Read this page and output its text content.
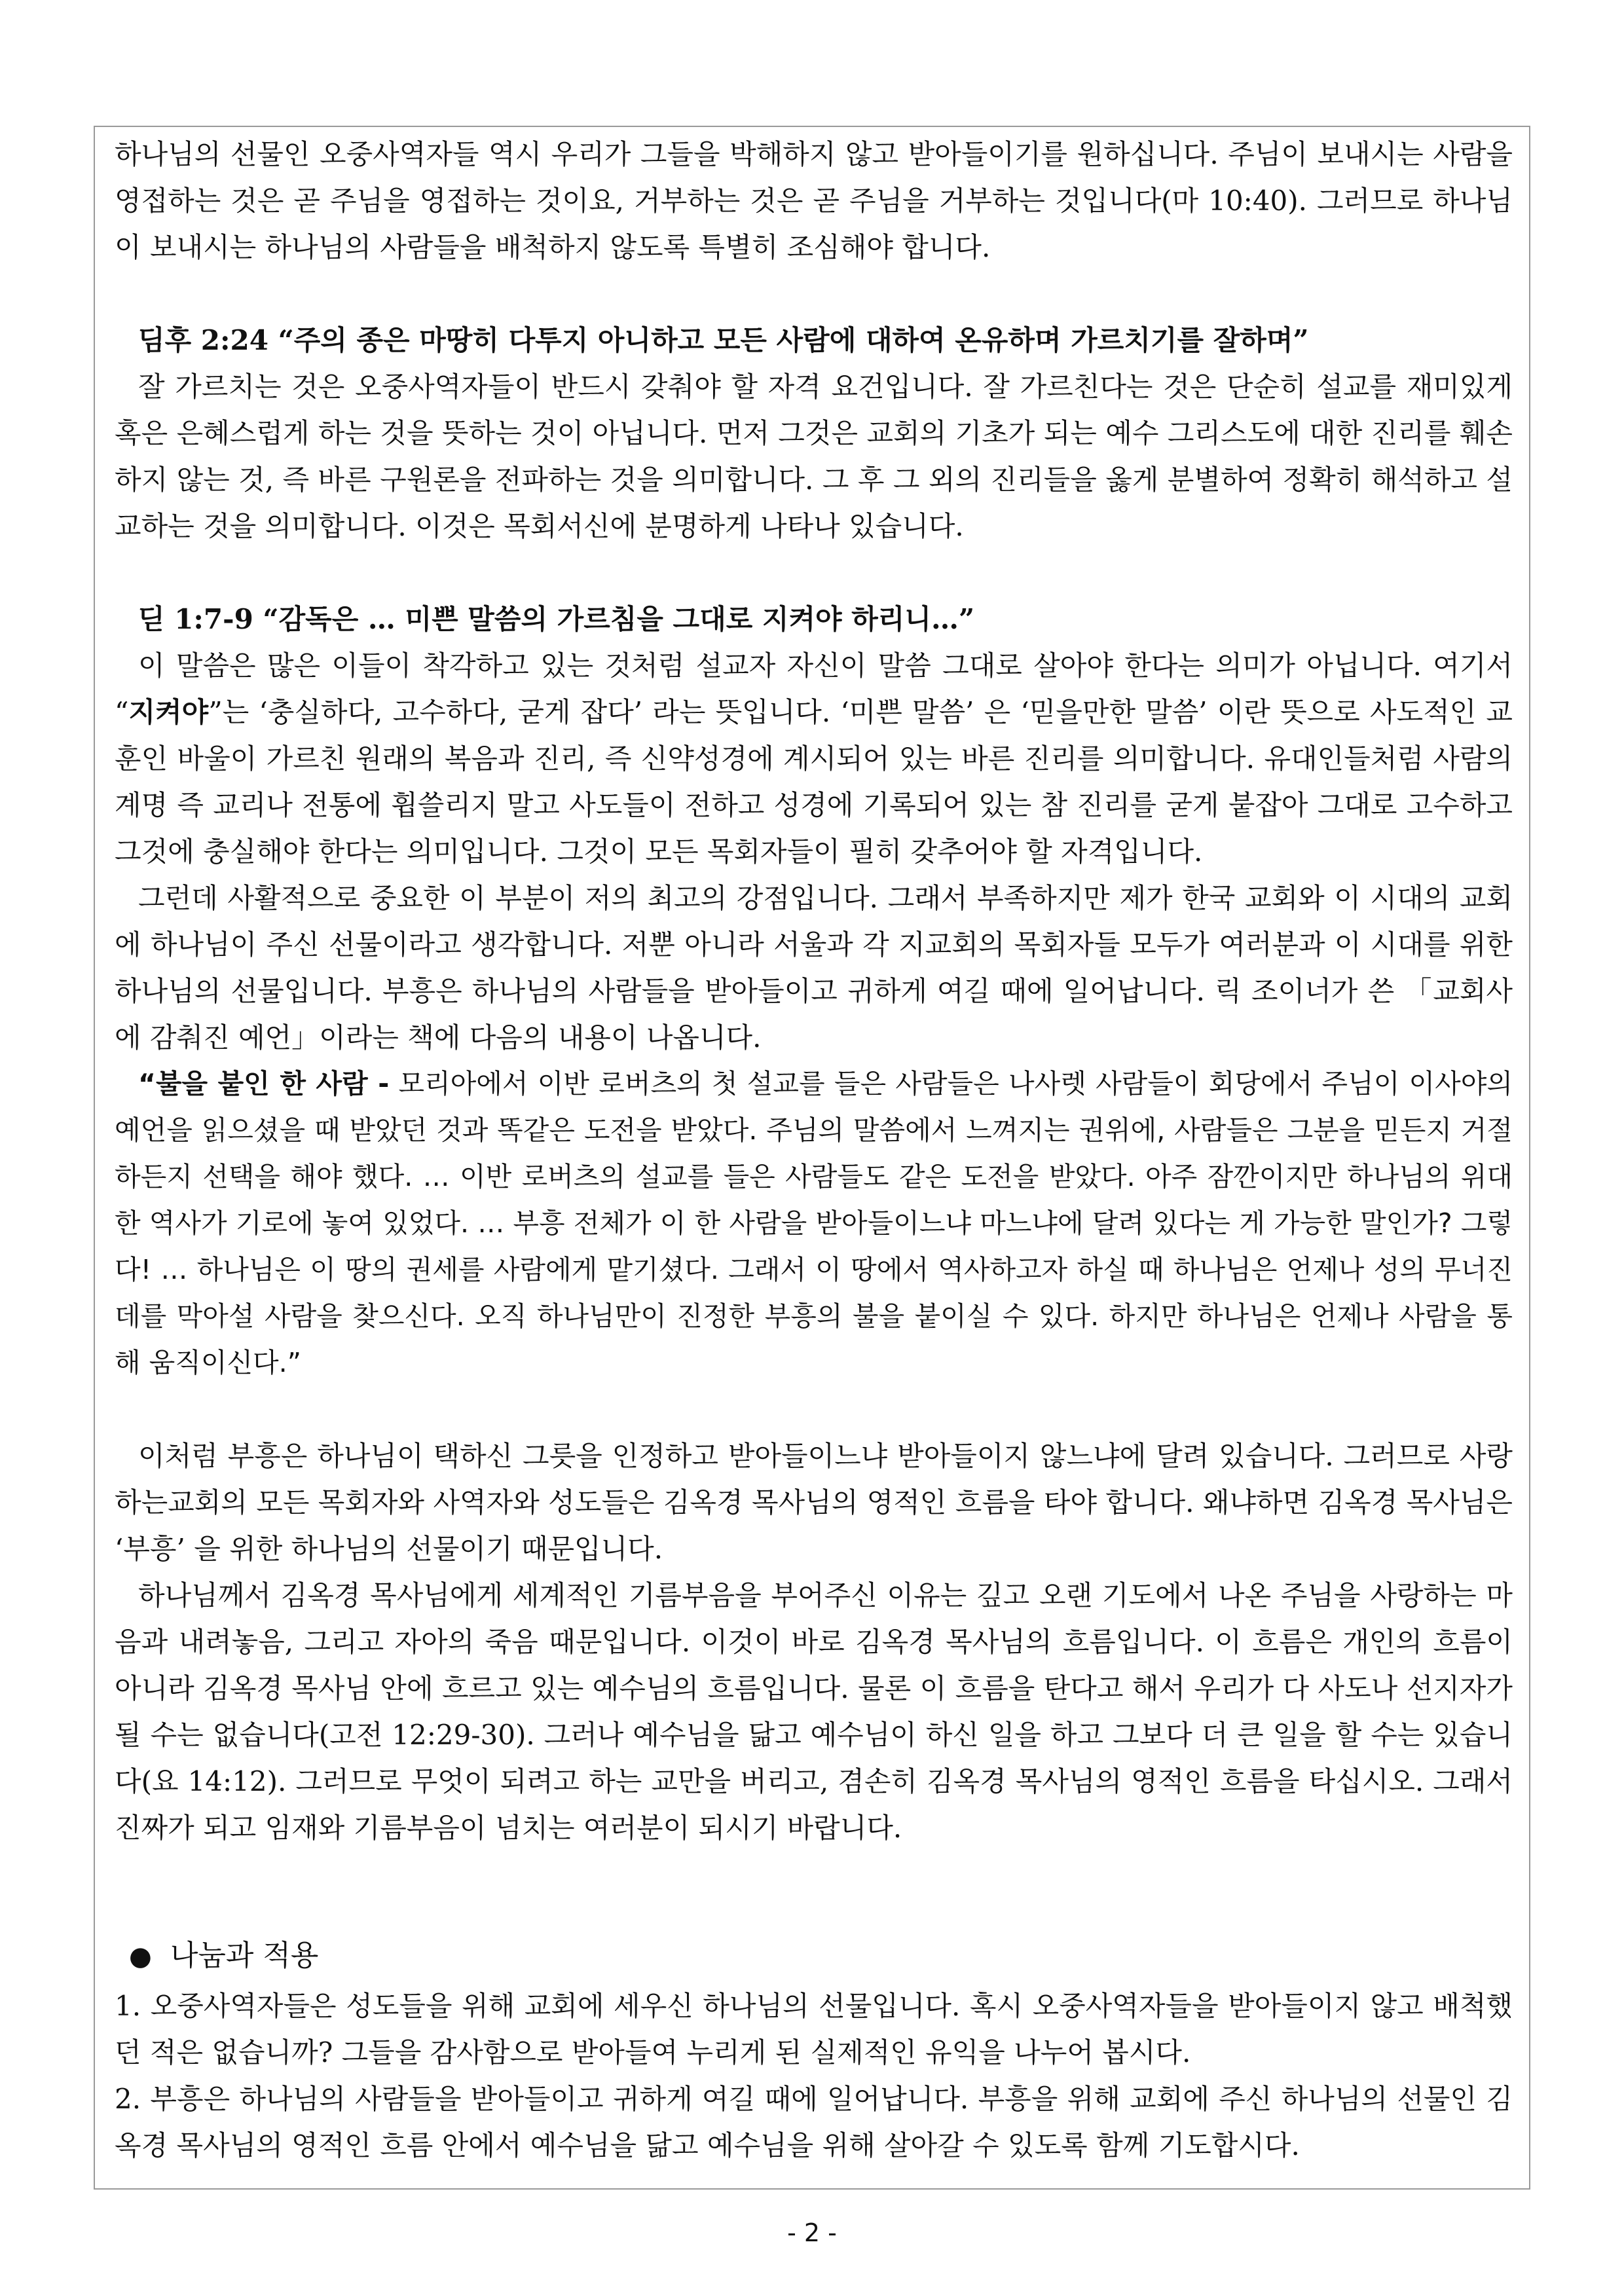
하나님의 선물인 오중사역자들 역시 우리가 그들을 박해하지 않고 받아들이기를 원하십니다. 주님이 보내시는 사람을 영접하는 것은 곧 주님을 영접하는 것이요, 거부하는 것은 곧 주님을 거부하는 것입니다(마 10:40). 그러므로 하나님이 보내시는 하나님의 사람들을 배척하지 않도록 특별히 조심해야 합니다.

딤후 2:24 “주의 종은 마땅히 다투지 아니하고 모든 사람에 대하여 온유하며 가르치기를 잘하며”

잘 가르치는 것은 오중사역자들이 반드시 갖춰야 할 자격 요건입니다. 잘 가르친다는 것은 단순히 설교를 재미있게 혹은 은혜스럽게 하는 것을 뜻하는 것이 아닙니다. 먼저 그것은 교회의 기초가 되는 예수 그리스도에 대한 진리를 훼손하지 않는 것, 즉 바른 구원론을 전파하는 것을 의미합니다. 그 후 그 외의 진리들을 옳게 분별하여 정확히 해석하고 설교하는 것을 의미합니다. 이것은 목회서신에 분명하게 나타나 있습니다.

딛 1:7-9 “감독은 … 미쁜 말씀의 가르침을 그대로 지켜야 하리니…”

이 말씀은 많은 이들이 착각하고 있는 것처럼 설교자 자신이 말씀 그대로 살아야 한다는 의미가 아닙니다. 여기서 “지켜야”는 ‘충실하다, 고수하다, 굳게 잡다’ 라는 뜻입니다. ‘미쁜 말씀’ 은 ‘믿을만한 말씀’ 이란 뜻으로 사도적인 교훈인 바울이 가르친 원래의 복음과 진리, 즉 신약성경에 계시되어 있는 바른 진리를 의미합니다. 유대인들처럼 사람의 계명 즉 교리나 전통에 휩쓸리지 말고 사도들이 전하고 성경에 기록되어 있는 참 진리를 굳게 붙잡아 그대로 고수하고 그것에 충실해야 한다는 의미입니다. 그것이 모든 목회자들이 필히 갖추어야 할 자격입니다.

그런데 사활적으로 중요한 이 부분이 저의 최고의 강점입니다. 그래서 부족하지만 제가 한국 교회와 이 시대의 교회에 하나님이 주신 선물이라고 생각합니다. 저뿐 아니라 서울과 각 지교회의 목회자들 모두가 여러분과 이 시대를 위한 하나님의 선물입니다. 부흥은 하나님의 사람들을 받아들이고 귀하게 여길 때에 일어납니다. 릭 조이너가 쓴 「교회사에 감춰진 예언」이라는 책에 다음의 내용이 나옵니다.

“불을 붙인 한 사람 - 모리아에서 이반 로버츠의 첫 설교를 들은 사람들은 나사렛 사람들이 회당에서 주님이 이사야의 예언을 읽으셨을 때 받았던 것과 똑같은 도전을 받았다. 주님의 말씀에서 느껴지는 권위에, 사람들은 그분을 믿든지 거절하든지 선택을 해야 했다. … 이반 로버츠의 설교를 들은 사람들도 같은 도전을 받았다. 아주 잠깐이지만 하나님의 위대한 역사가 기로에 놓여 있었다. … 부흥 전체가 이 한 사람을 받아들이느냐 마느냐에 달려 있다는 게 가능한 말인가? 그렇다! … 하나님은 이 땅의 권세를 사람에게 맡기셨다. 그래서 이 땅에서 역사하고자 하실 때 하나님은 언제나 성의 무너진 데를 막아설 사람을 찾으신다. 오직 하나님만이 진정한 부흥의 불을 붙이실 수 있다. 하지만 하나님은 언제나 사람을 통해 움직이신다.”

이처럼 부흥은 하나님이 택하신 그릇을 인정하고 받아들이느냐 받아들이지 않느냐에 달려 있습니다. 그러므로 사랑하는교회의 모든 목회자와 사역자와 성도들은 김옥경 목사님의 영적인 흐름을 타야 합니다. 왜냐하면 김옥경 목사님은 ‘부흥’ 을 위한 하나님의 선물이기 때문입니다.

하나님께서 김옥경 목사님에게 세계적인 기름부음을 부어주신 이유는 깊고 오랜 기도에서 나온 주님을 사랑하는 마음과 내려놓음, 그리고 자아의 죽음 때문입니다. 이것이 바로 김옥경 목사님의 흐름입니다. 이 흐름은 개인의 흐름이 아니라 김옥경 목사님 안에 흐르고 있는 예수님의 흐름입니다. 물론 이 흐름을 탄다고 해서 우리가 다 사도나 선지자가 될 수는 없습니다(고전 12:29-30). 그러나 예수님을 닮고 예수님이 하신 일을 하고 그보다 더 큰 일을 할 수는 있습니다(요 14:12). 그러므로 무엇이 되려고 하는 교만을 버리고, 겸손히 김옥경 목사님의 영적인 흐름을 타십시오. 그래서 진짜가 되고 임재와 기름부음이 넘치는 여러분이 되시기 바랍니다.

● 나눔과 적용

1. 오중사역자들은 성도들을 위해 교회에 세우신 하나님의 선물입니다. 혹시 오중사역자들을 받아들이지 않고 배척했던 적은 없습니까? 그들을 감사함으로 받아들여 누리게 된 실제적인 유익을 나누어 봅시다.

2. 부흥은 하나님의 사람들을 받아들이고 귀하게 여길 때에 일어납니다. 부흥을 위해 교회에 주신 하나님의 선물인 김옥경 목사님의 영적인 흐름 안에서 예수님을 닮고 예수님을 위해 살아갈 수 있도록 함께 기도합시다.

- 2 -
